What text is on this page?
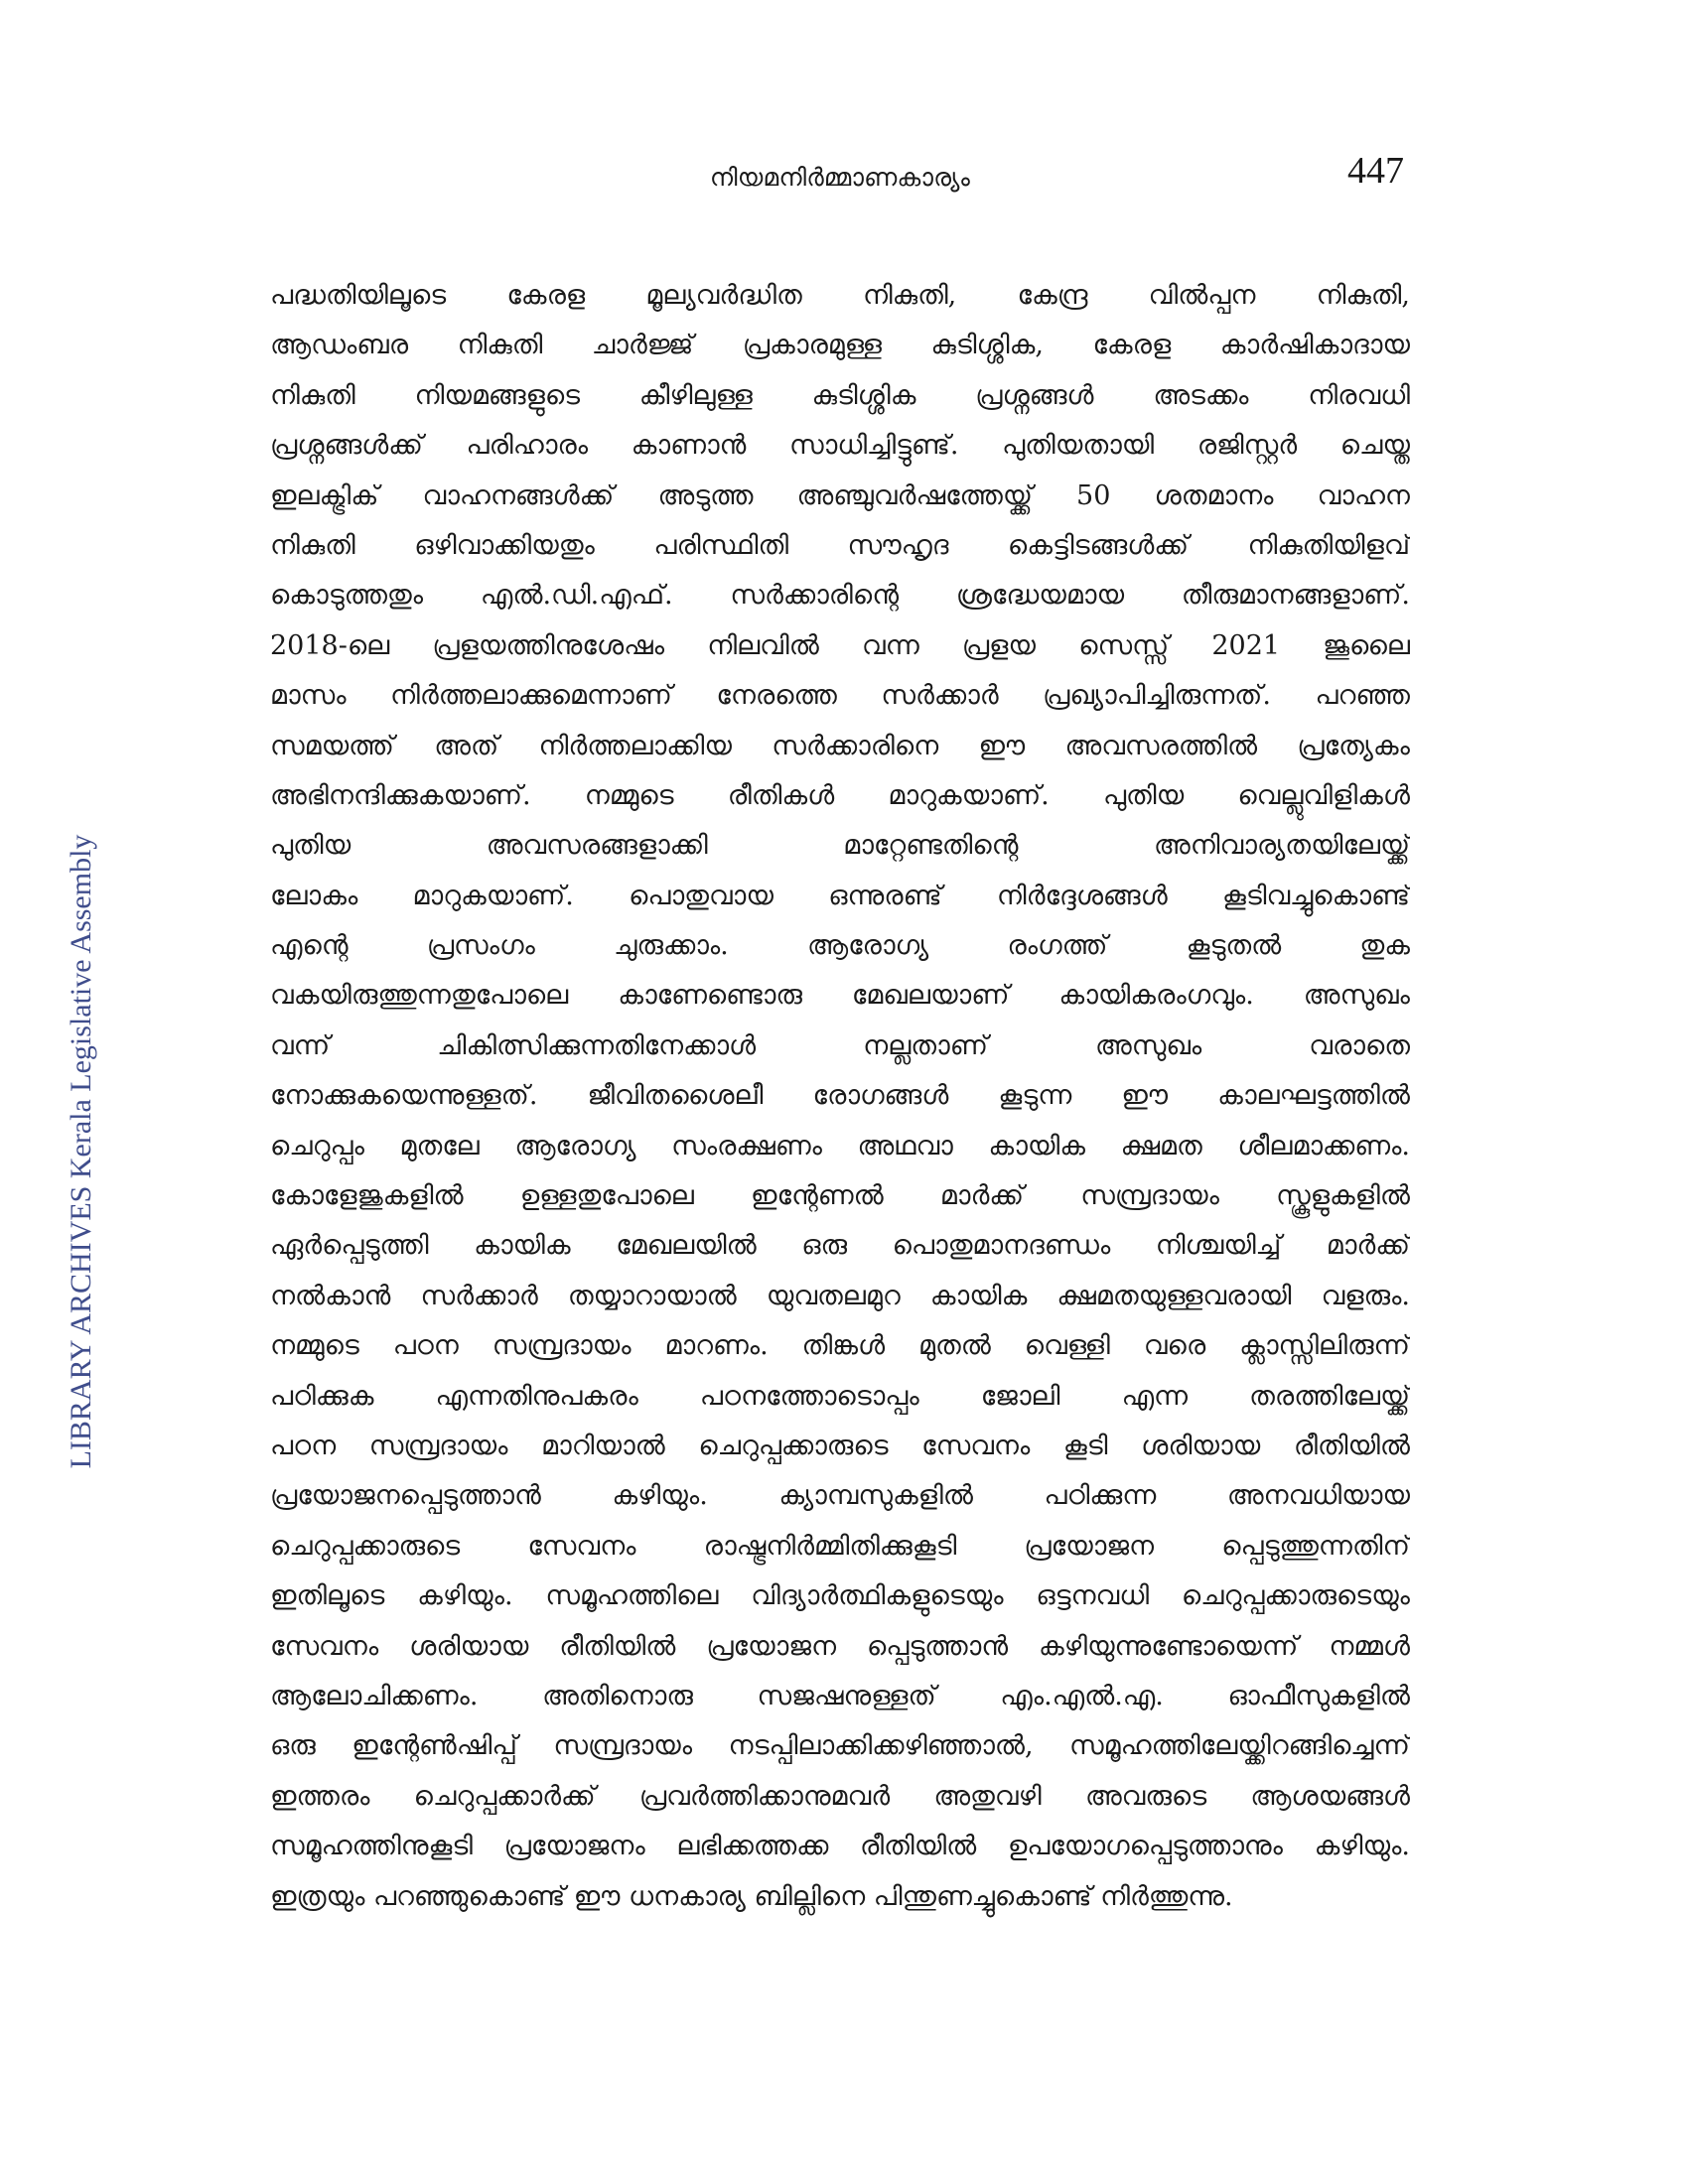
നിയമനിർമ്മാണകാര്യം	447
LIBRARY ARCHIVES Kerala Legislative Assembly
പദ്ധതിയിലൂടെ കേരള മൂല്യവർദ്ധിത നികുതി, കേന്ദ്ര വിൽപ്പന നികുതി,
ആഡംബര നികുതി ചാർജ്ജ് പ്രകാരമുള്ള കുടിശ്ശിക, കേരള കാർഷികാദായ
നികുതി നിയമങ്ങളുടെ കീഴിലുള്ള കുടിശ്ശിക പ്രശ്നങ്ങൾ അടക്കം നിരവധി
പ്രശ്നങ്ങൾക്ക് പരിഹാരം കാണാൻ സാധിച്ചിട്ടുണ്ട്. പുതിയതായി രജിസ്റ്റർ ചെയ്ത
ഇലക്ട്രിക് വാഹനങ്ങൾക്ക് അടുത്ത അഞ്ചുവർഷത്തേയ്ക്ക് 50 ശതമാനം വാഹന
നികുതി ഒഴിവാക്കിയതും പരിസ്ഥിതി സൗഹൃദ കെട്ടിടങ്ങൾക്ക് നികുതിയിളവ്
കൊടുത്തതും എൽ.ഡി.എഫ്. സർക്കാരിന്റെ ശ്രദ്ധേയമായ തീരുമാനങ്ങളാണ്.
2018-ലെ പ്രളയത്തിനുശേഷം നിലവിൽ വന്ന പ്രളയ സെസ്സ് 2021 ജൂലൈ
മാസം നിർത്തലാക്കുമെന്നാണ് നേരത്തെ സർക്കാർ പ്രഖ്യാപിച്ചിരുന്നത്. പറഞ്ഞ
സമയത്ത് അത് നിർത്തലാക്കിയ സർക്കാരിനെ ഈ അവസരത്തിൽ പ്രത്യേകം
അഭിനന്ദിക്കുകയാണ്. നമ്മുടെ രീതികൾ മാറുകയാണ്. പുതിയ വെല്ലുവിളികൾ
പുതിയ അവസരങ്ങളാക്കി മാറ്റേണ്ടതിന്റെ അനിവാര്യതയിലേയ്ക്ക്
ലോകം മാറുകയാണ്. പൊതുവായ ഒന്നുരണ്ട് നിർദ്ദേശങ്ങൾ കൂടിവച്ചുകൊണ്ട്
എന്റെ പ്രസംഗം ചുരുക്കാം. ആരോഗ്യ രംഗത്ത് കൂടുതൽ തുക
വകയിരുത്തുന്നതുപോലെ കാണേണ്ടൊരു മേഖലയാണ് കായികരംഗവും. അസുഖം
വന്ന് ചികിത്സിക്കുന്നതിനേക്കാൾ നല്ലതാണ് അസുഖം വരാതെ
നോക്കുകയെന്നുള്ളത്. ജീവിതശൈലീ രോഗങ്ങൾ കൂടുന്ന ഈ കാലഘട്ടത്തിൽ
ചെറുപ്പം മുതലേ ആരോഗ്യ സംരക്ഷണം അഥവാ കായിക ക്ഷമത ശീലമാക്കണം.
കോളേജുകളിൽ ഉള്ളതുപോലെ ഇന്റേണൽ മാർക്ക് സമ്പ്രദായം സ്കൂളുകളിൽ
ഏർപ്പെടുത്തി കായിക മേഖലയിൽ ഒരു പൊതുമാനദണ്ഡം നിശ്ചയിച്ച് മാർക്ക്
നൽകാൻ സർക്കാർ തയ്യാറായാൽ യുവതലമുറ കായിക ക്ഷമതയുള്ളവരായി വളരും.
നമ്മുടെ പഠന സമ്പ്രദായം മാറണം. തിങ്കൾ മുതൽ വെള്ളി വരെ ക്ലാസ്സിലിരുന്ന്
പഠിക്കുക എന്നതിനുപകരം പഠനത്തോടൊപ്പം ജോലി എന്ന തരത്തിലേയ്ക്ക്
പഠന സമ്പ്രദായം മാറിയാൽ ചെറുപ്പക്കാരുടെ സേവനം കൂടി ശരിയായ രീതിയിൽ
പ്രയോജനപ്പെടുത്താൻ കഴിയും. ക്യാമ്പസുകളിൽ പഠിക്കുന്ന അനവധിയായ
ചെറുപ്പക്കാരുടെ സേവനം രാഷ്ട്രനിർമ്മിതിക്കുകൂടി പ്രയോജന പ്പെടുത്തുന്നതിന്
ഇതിലൂടെ കഴിയും. സമൂഹത്തിലെ വിദ്യാർത്ഥികളുടെയും ഒട്ടനവധി ചെറുപ്പക്കാരുടെയും
സേവനം ശരിയായ രീതിയിൽ പ്രയോജന പ്പെടുത്താൻ കഴിയുന്നുണ്ടോയെന്ന് നമ്മൾ
ആലോചിക്കണം. അതിനൊരു സജഷനുള്ളത് എം.എൽ.എ. ഓഫീസുകളിൽ
ഒരു ഇന്റേൺഷിപ്പ് സമ്പ്രദായം നടപ്പിലാക്കിക്കഴിഞ്ഞാൽ, സമൂഹത്തിലേയ്ക്കിറങ്ങിച്ചെന്ന്
ഇത്തരം ചെറുപ്പക്കാർക്ക് പ്രവർത്തിക്കാനുമവർ അതുവഴി അവരുടെ ആശയങ്ങൾ
സമൂഹത്തിനുകൂടി പ്രയോജനം ലഭിക്കത്തക്ക രീതിയിൽ ഉപയോഗപ്പെടുത്താനും കഴിയും.
ഇത്രയും പറഞ്ഞുകൊണ്ട് ഈ ധനകാര്യ ബില്ലിനെ പിന്തുണച്ചുകൊണ്ട് നിർത്തുന്നു.
